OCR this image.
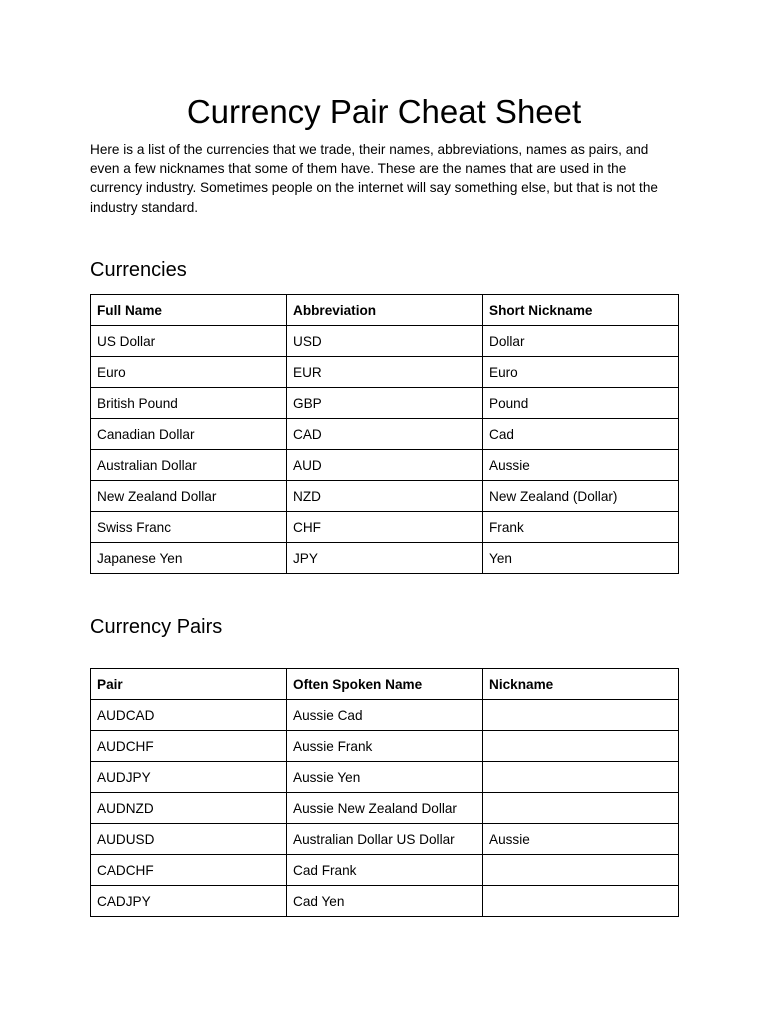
Currency Pair Cheat Sheet

Here is a list of the currencies that we trade, their names, abbreviations, names as pairs, and even a few nicknames that some of them have. These are the names that are used in the currency industry. Sometimes people on the internet will say something else, but that is not the industry standard.

Currencies
Full Name	Abbreviation	Short Nickname
US Dollar	USD	Dollar
Euro	EUR	Euro
British Pound	GBP	Pound
Canadian Dollar	CAD	Cad
Australian Dollar	AUD	Aussie
New Zealand Dollar	NZD	New Zealand (Dollar)
Swiss Franc	CHF	Frank
Japanese Yen	JPY	Yen
Currency Pairs
Pair	Often Spoken Name	Nickname
AUDCAD	Aussie Cad	
AUDCHF	Aussie Frank	
AUDJPY	Aussie Yen	
AUDNZD	Aussie New Zealand Dollar	
AUDUSD	Australian Dollar US Dollar	Aussie
CADCHF	Cad Frank	
CADJPY	Cad Yen	
